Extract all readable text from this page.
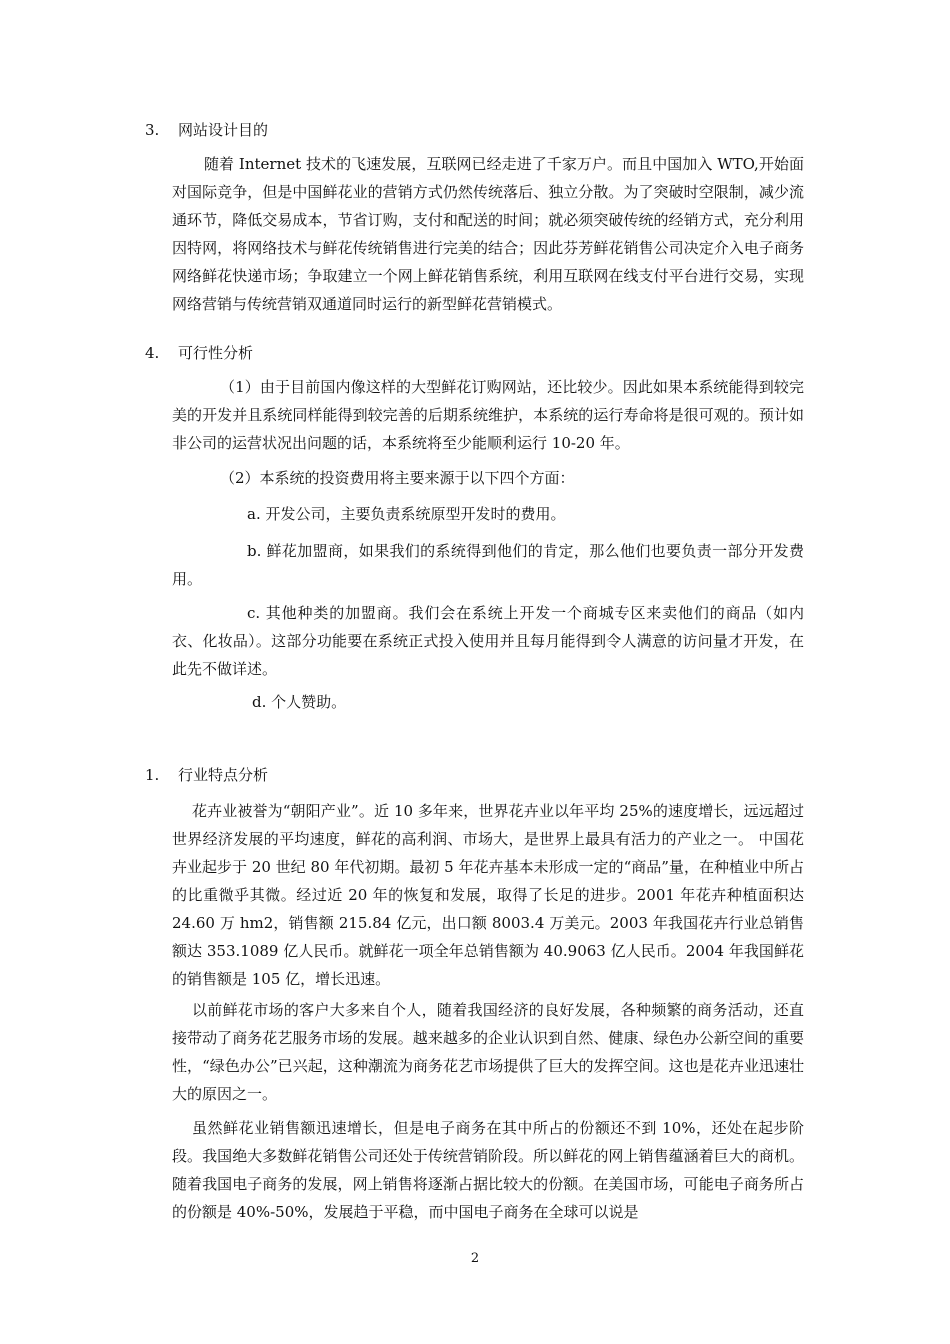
3. 网站设计目的

随着 Internet 技术的飞速发展，互联网已经走进了千家万户。而且中国加入 WTO,开始面对国际竞争，但是中国鲜花业的营销方式仍然传统落后、独立分散。为了突破时空限制，减少流通环节，降低交易成本，节省订购，支付和配送的时间；就必须突破传统的经销方式，充分利用因特网，将网络技术与鲜花传统销售进行完美的结合；因此芬芳鲜花销售公司决定介入电子商务网络鲜花快递市场；争取建立一个网上鲜花销售系统，利用互联网在线支付平台进行交易，实现网络营销与传统营销双通道同时运行的新型鲜花营销模式。

4. 可行性分析

（1）由于目前国内像这样的大型鲜花订购网站，还比较少。因此如果本系统能得到较完美的开发并且系统同样能得到较完善的后期系统维护，本系统的运行寿命将是很可观的。预计如非公司的运营状况出问题的话，本系统将至少能顺利运行 10-20 年。

（2）本系统的投资费用将主要来源于以下四个方面：

a. 开发公司，主要负责系统原型开发时的费用。

b. 鲜花加盟商，如果我们的系统得到他们的肯定，那么他们也要负责一部分开发费用。

c. 其他种类的加盟商。我们会在系统上开发一个商城专区来卖他们的商品（如内衣、化妆品）。这部分功能要在系统正式投入使用并且每月能得到令人满意的访问量才开发，在此先不做详述。

d. 个人赞助。

1. 行业特点分析

花卉业被誉为“朝阳产业”。近 10 多年来，世界花卉业以年平均 25%的速度增长，远远超过世界经济发展的平均速度，鲜花的高利润、市场大，是世界上最具有活力的产业之一。 中国花卉业起步于 20 世纪 80 年代初期。最初 5 年花卉基本未形成一定的“商品”量，在种植业中所占的比重微乎其微。经过近 20 年的恢复和发展，取得了长足的进步。2001 年花卉种植面积达 24.60 万 hm2，销售额 215.84 亿元，出口额 8003.4 万美元。2003 年我国花卉行业总销售额达 353.1089 亿人民币。就鲜花一项全年总销售额为 40.9063 亿人民币。2004 年我国鲜花的销售额是 105 亿，增长迅速。

以前鲜花市场的客户大多来自个人，随着我国经济的良好发展，各种频繁的商务活动，还直接带动了商务花艺服务市场的发展。越来越多的企业认识到自然、健康、绿色办公新空间的重要性，“绿色办公”已兴起，这种潮流为商务花艺市场提供了巨大的发挥空间。这也是花卉业迅速壮大的原因之一。

虽然鲜花业销售额迅速增长，但是电子商务在其中所占的份额还不到 10%，还处在起步阶段。我国绝大多数鲜花销售公司还处于传统营销阶段。所以鲜花的网上销售蕴涵着巨大的商机。随着我国电子商务的发展，网上销售将逐渐占据比较大的份额。在美国市场，可能电子商务所占的份额是 40%-50%，发展趋于平稳，而中国电子商务在全球可以说是

2
